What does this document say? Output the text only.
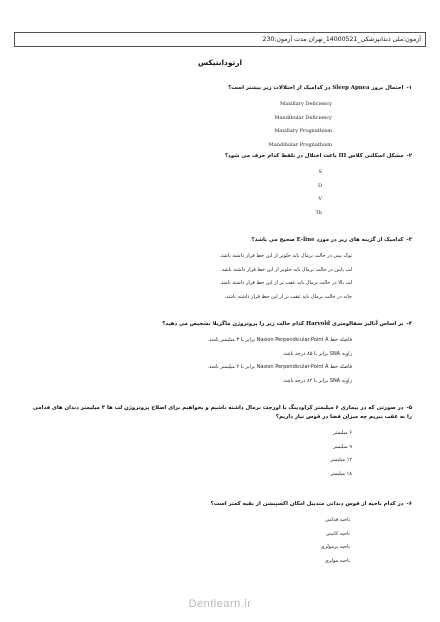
آزمون:ملی دندانپزشکی_14000521_تهران مدت آزمون:230
ارتودانتیکس
۱-احتمال بروز Sleep Apnea در کدامیک از اختلالات زیر بیشتر است؟
Maxillary Deficiency
Mandibular Deficiency
Maxillary Prognathism
Mandibular Prognathism
۲-مشکل اسکلتی کلاس III باعث اختلال در تلفظ کدام حرف می شود؟
S
D
V
Th
۳-کدامیک از گزینه های زیر در مورد E-line صحیح می باشد؟
نوک بینی در حالت نرمال باید جلوتر از این خط قرار داشته باشد.
لب پایین در حالت نرمال باید جلوتر از این خط قرار داشته باشد.
لب بالا در حالت نرمال باید عقب تر از این خط قرار داشته باشد.
چانه در حالت نرمال باید عقب تر از این خط قرار داشته باشد.
۴-بر اساس آنالیز سفالومتری Harvold کدام حالت زیر را پروتروژن ماگزیلا تشخیص می دهید؟
فاصله خط Nasion Perpendicular-Point A برابر با ۳ میلیمتر باشد.
زاویه SNA برابر با ۸۵ درجه باشد.
فاصله خط Nasion Perpendicular-Point A برابر با ۲ میلیمتر باشد.
زاویه SNA برابر با ۸۲ درجه باشد.
۵-در صورتی که در بیماری ۶ میلیمتر کراودینگ با اورجت نرمال داشته باشیم و بخواهیم برای اصلاح پروتروژن لب ها ۳ میلیمتر دندان های قدامی را به عقب ببریم چه میزان فضا در قوس نیاز داریم؟
۶ میلیمتر
۹ میلیمتر
۱۲ میلیمتر
۱۸ میلیمتر
۶-در کدام ناحیه از قوس دندانی متدیبل امکان اکسپنشن از بقیه کمتر است؟
ناحیه قدامی
ناحیه کانینی
ناحیه پرمولری
ناحیه مولری
Dentlearn.ir
